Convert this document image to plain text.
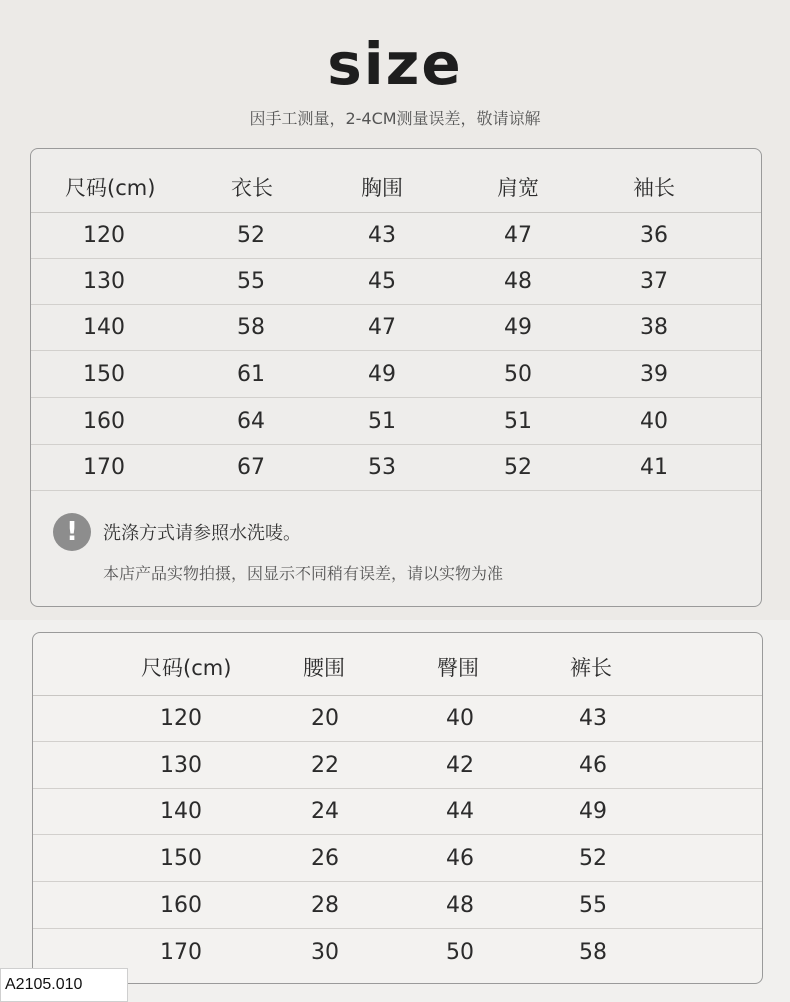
size
因手工测量，2-4CM测量误差，敬请谅解
尺码(cm)	衣长	胸围	肩宽	袖长
120	52	43	47	36
130	55	45	48	37
140	58	47	49	38
150	61	49	50	39
160	64	51	51	40
170	67	53	52	41
!	洗涤方式请参照水洗唛。
本店产品实物拍摄，因显示不同稍有误差，请以实物为准
尺码(cm)	腰围	臀围	裤长
120	20	40	43
130	22	42	46
140	24	44	49
150	26	46	52
160	28	48	55
170	30	50	58
A2105.010
